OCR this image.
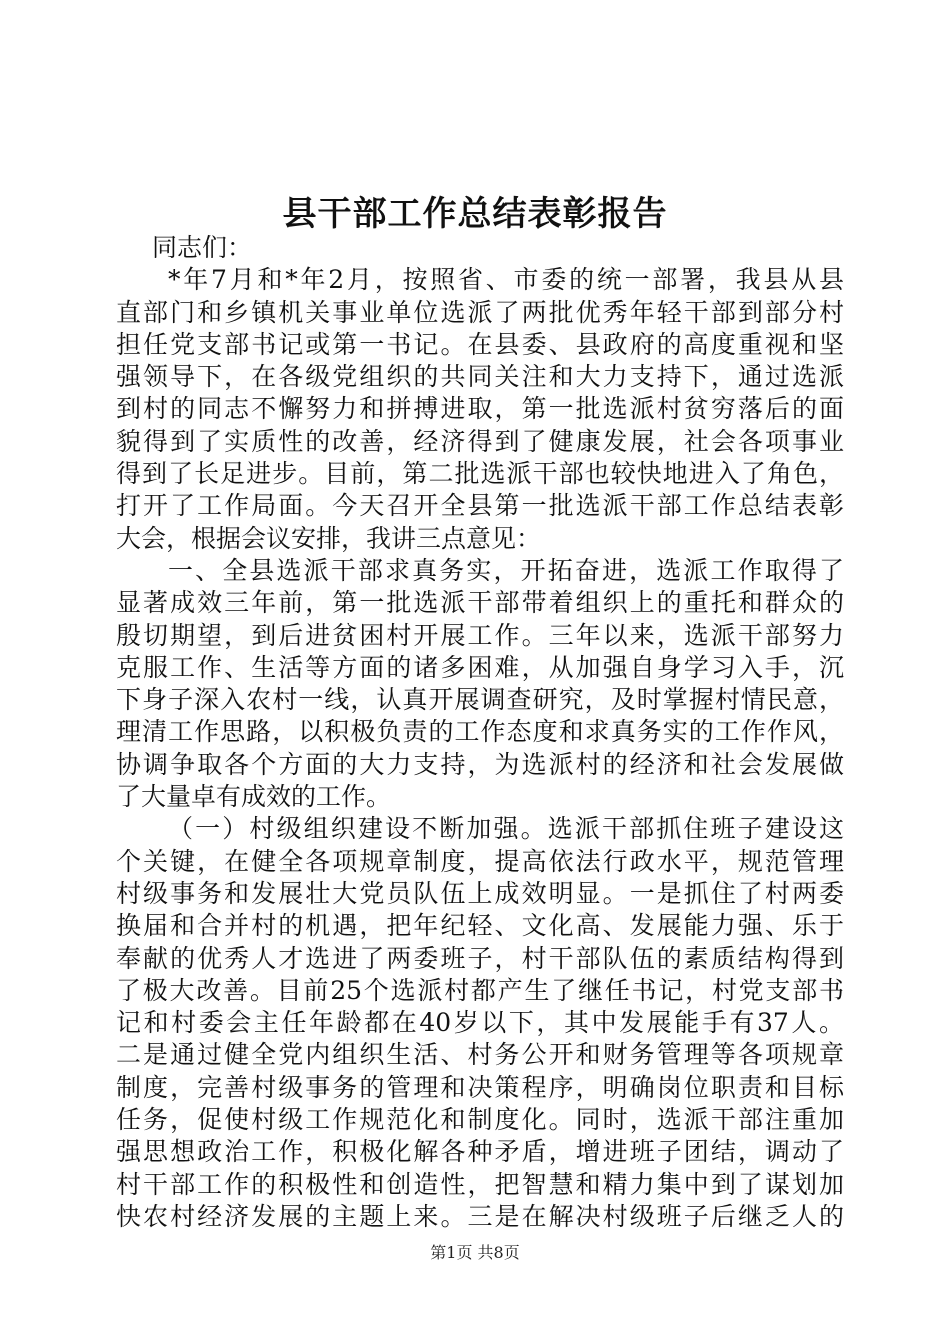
县干部工作总结表彰报告
同志们：
*年7月和*年2月，按照省、市委的统一部署，我县从县
直部门和乡镇机关事业单位选派了两批优秀年轻干部到部分村
担任党支部书记或第一书记。在县委、县政府的高度重视和坚
强领导下，在各级党组织的共同关注和大力支持下，通过选派
到村的同志不懈努力和拼搏进取，第一批选派村贫穷落后的面
貌得到了实质性的改善，经济得到了健康发展，社会各项事业
得到了长足进步。目前，第二批选派干部也较快地进入了角色，
打开了工作局面。今天召开全县第一批选派干部工作总结表彰
大会，根据会议安排，我讲三点意见：
一、全县选派干部求真务实，开拓奋进，选派工作取得了
显著成效三年前，第一批选派干部带着组织上的重托和群众的
殷切期望，到后进贫困村开展工作。三年以来，选派干部努力
克服工作、生活等方面的诸多困难，从加强自身学习入手，沉
下身子深入农村一线，认真开展调查研究，及时掌握村情民意，
理清工作思路，以积极负责的工作态度和求真务实的工作作风，
协调争取各个方面的大力支持，为选派村的经济和社会发展做
了大量卓有成效的工作。
（一）村级组织建设不断加强。选派干部抓住班子建设这
个关键，在健全各项规章制度，提高依法行政水平，规范管理
村级事务和发展壮大党员队伍上成效明显。一是抓住了村两委
换届和合并村的机遇，把年纪轻、文化高、发展能力强、乐于
奉献的优秀人才选进了两委班子，村干部队伍的素质结构得到
了极大改善。目前25个选派村都产生了继任书记，村党支部书
记和村委会主任年龄都在40岁以下，其中发展能手有37人。
二是通过健全党内组织生活、村务公开和财务管理等各项规章
制度，完善村级事务的管理和决策程序，明确岗位职责和目标
任务，促使村级工作规范化和制度化。同时，选派干部注重加
强思想政治工作，积极化解各种矛盾，增进班子团结，调动了
村干部工作的积极性和创造性，把智慧和精力集中到了谋划加
快农村经济发展的主题上来。三是在解决村级班子后继乏人的
第1页 共8页
